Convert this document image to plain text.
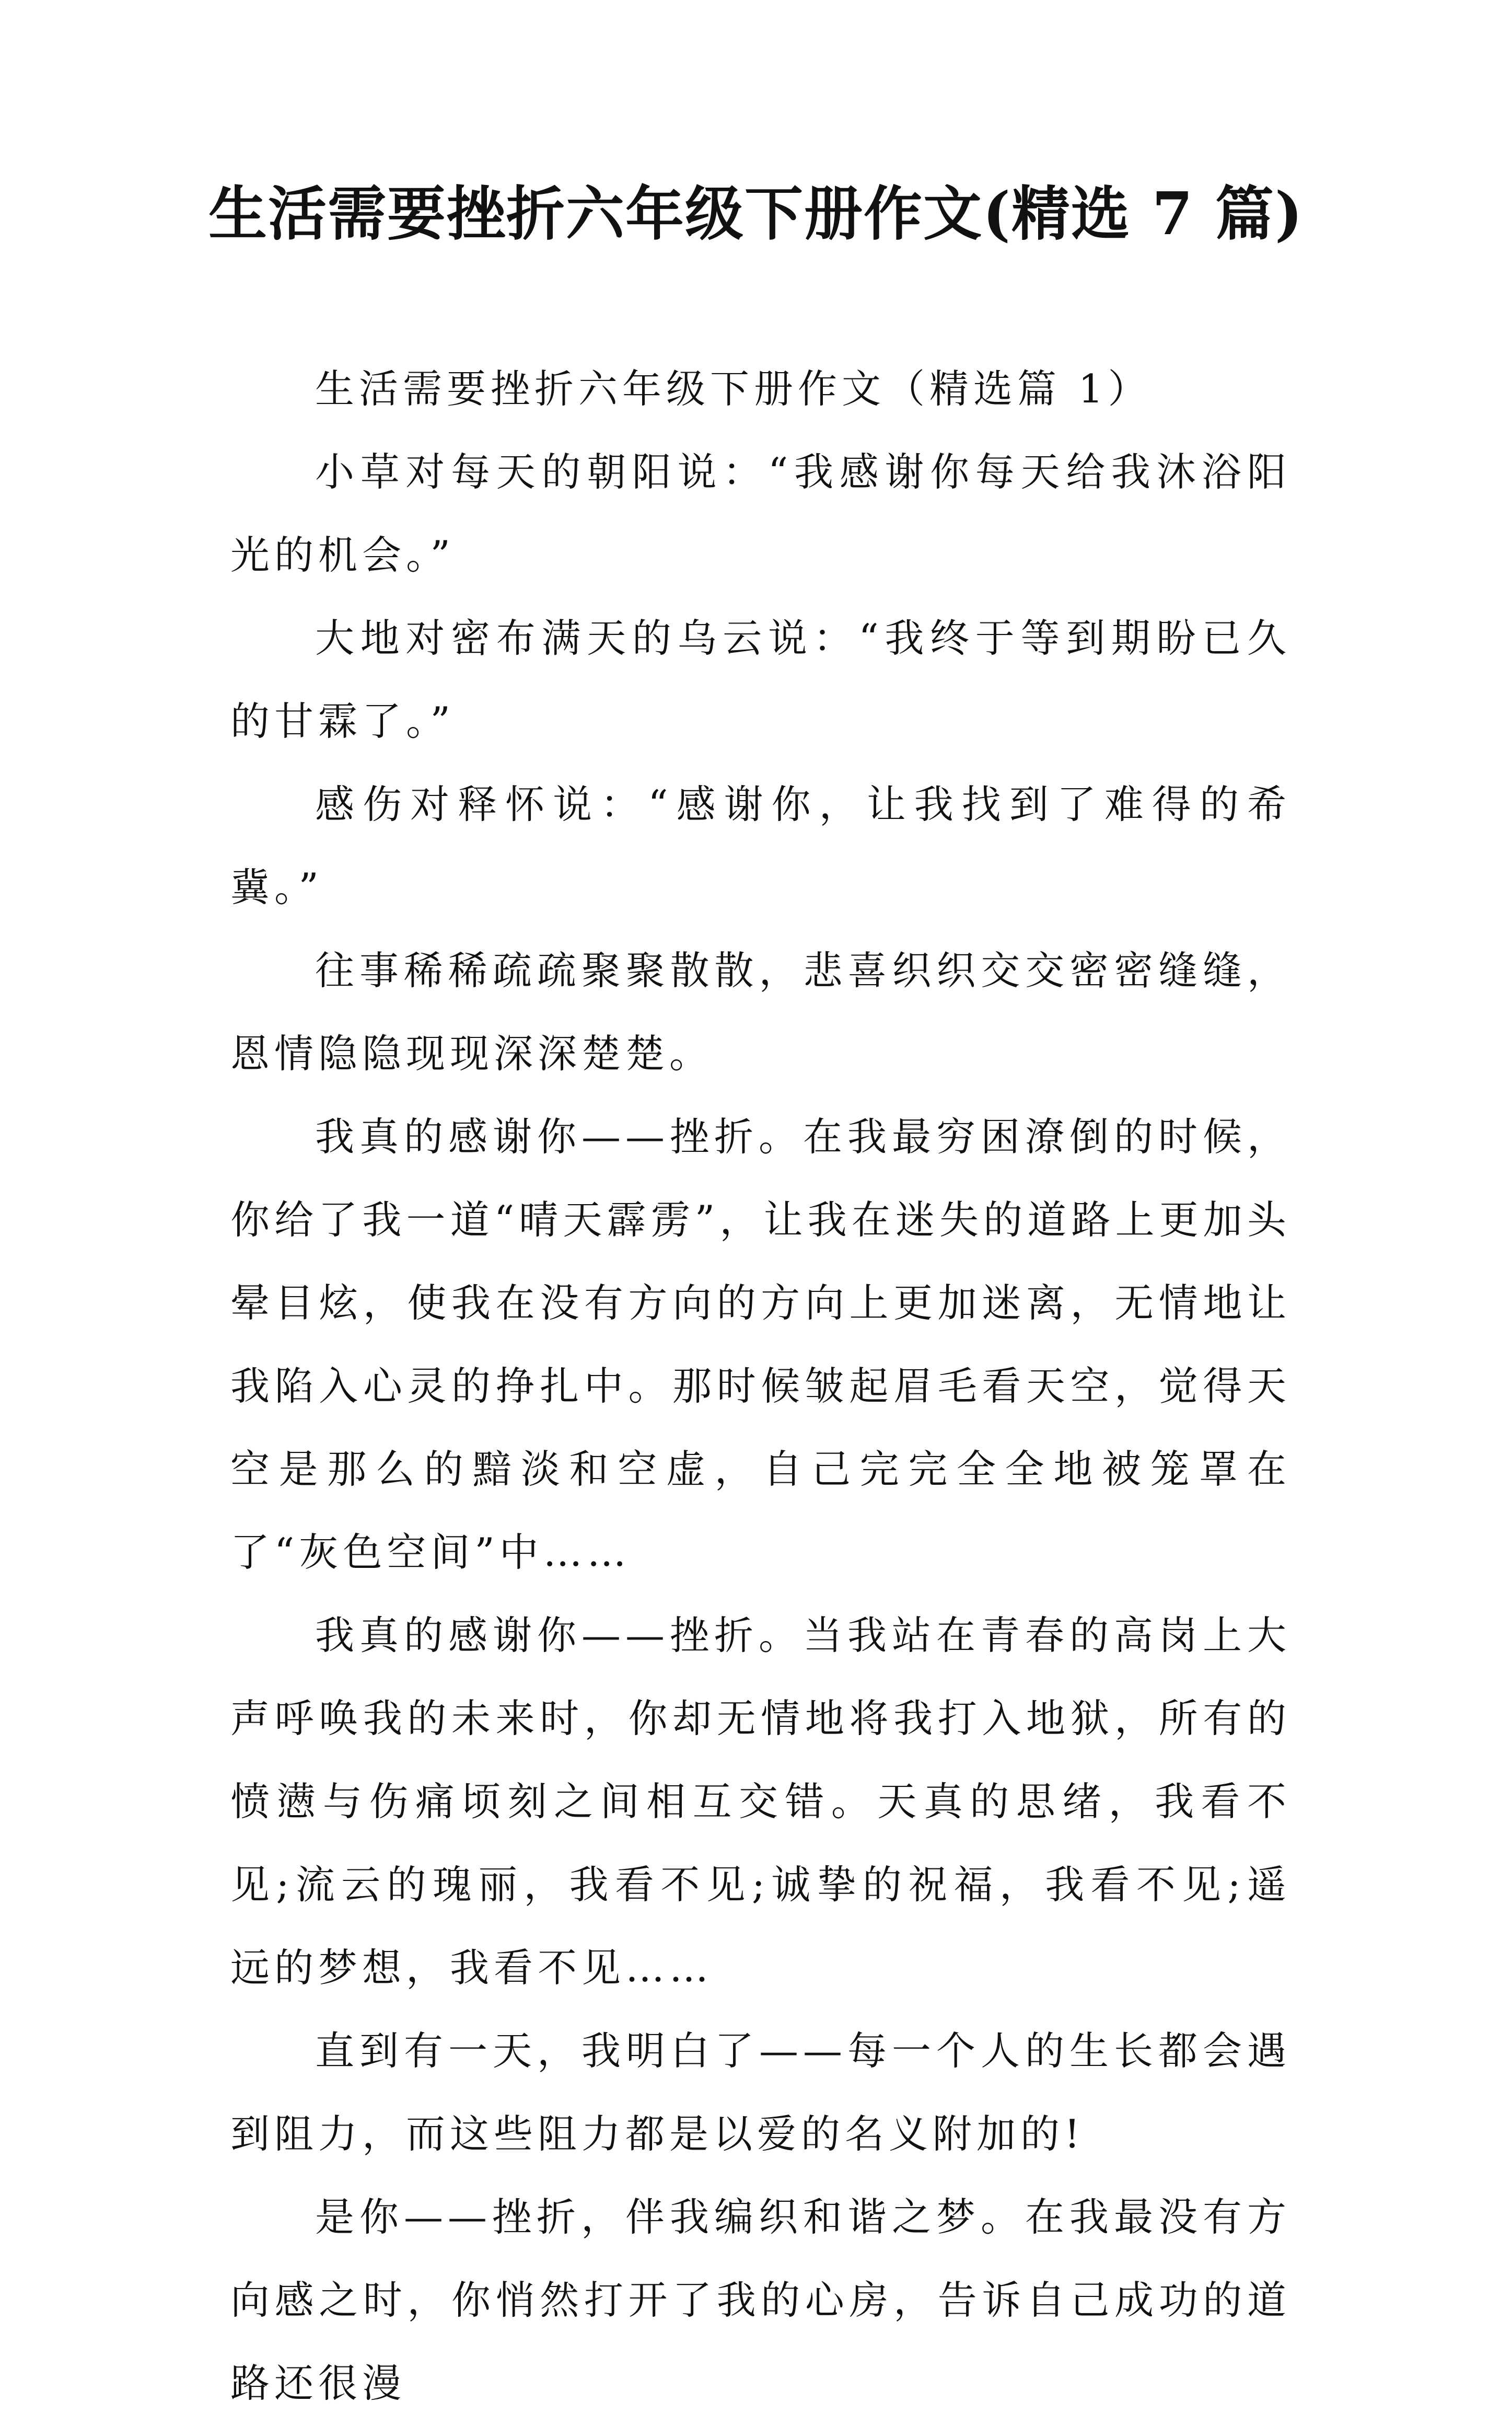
生活需要挫折六年级下册作文(精选 7 篇)

生活需要挫折六年级下册作文（精选篇 1）

小草对每天的朝阳说：“我感谢你每天给我沐浴阳光的机会。”

大地对密布满天的乌云说：“我终于等到期盼已久的甘霖了。”

感伤对释怀说：“感谢你，让我找到了难得的希冀。”

往事稀稀疏疏聚聚散散，悲喜织织交交密密缝缝，恩情隐隐现现深深楚楚。

我真的感谢你——挫折。在我最穷困潦倒的时候，你给了我一道“晴天霹雳”，让我在迷失的道路上更加头晕目炫，使我在没有方向的方向上更加迷离，无情地让我陷入心灵的挣扎中。那时候皱起眉毛看天空，觉得天空是那么的黯淡和空虚，自己完完全全地被笼罩在了“灰色空间”中……

我真的感谢你——挫折。当我站在青春的高岗上大声呼唤我的未来时，你却无情地将我打入地狱，所有的愤懑与伤痛顷刻之间相互交错。天真的思绪，我看不见;流云的瑰丽，我看不见;诚挚的祝福，我看不见;遥远的梦想，我看不见……

直到有一天，我明白了——每一个人的生长都会遇到阻力，而这些阻力都是以爱的名义附加的!

是你——挫折，伴我编织和谐之梦。在我最没有方向感之时，你悄然打开了我的心房，告诉自己成功的道路还很漫
